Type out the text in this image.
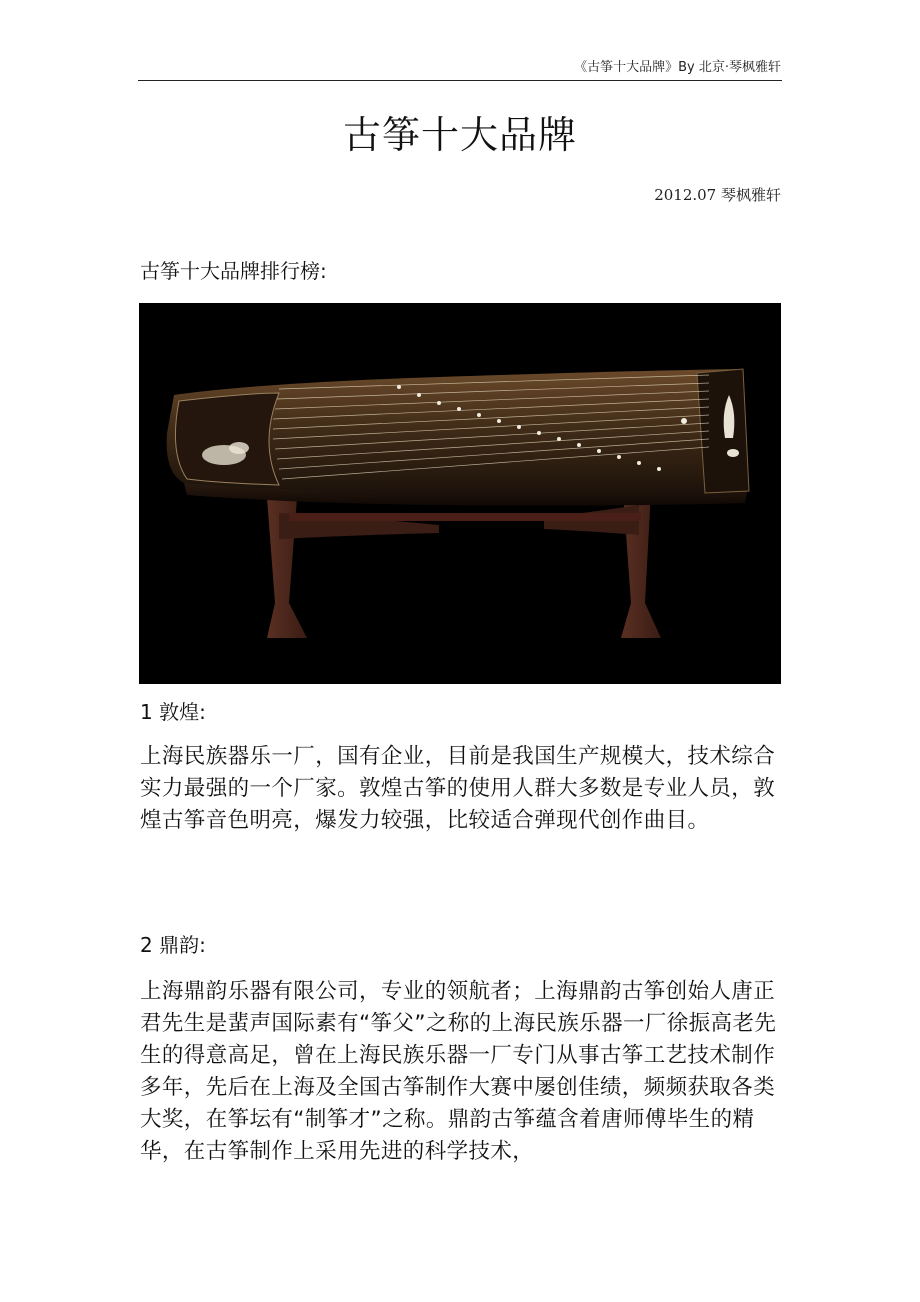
《古筝十大品牌》By 北京·琴枫雅轩
古筝十大品牌
2012.07 琴枫雅轩
古筝十大品牌排行榜:
1 敦煌:
上海民族器乐一厂，国有企业，目前是我国生产规模大，技术综合实力最强的一个厂家。敦煌古筝的使用人群大多数是专业人员，敦煌古筝音色明亮，爆发力较强，比较适合弹现代创作曲目。
2 鼎韵:
上海鼎韵乐器有限公司，专业的领航者；上海鼎韵古筝创始人唐正君先生是蜚声国际素有“筝父”之称的上海民族乐器一厂徐振高老先生的得意高足，曾在上海民族乐器一厂专门从事古筝工艺技术制作多年，先后在上海及全国古筝制作大赛中屡创佳绩，频频获取各类大奖，在筝坛有“制筝才”之称。鼎韵古筝蕴含着唐师傅毕生的精华，在古筝制作上采用先进的科学技术，
